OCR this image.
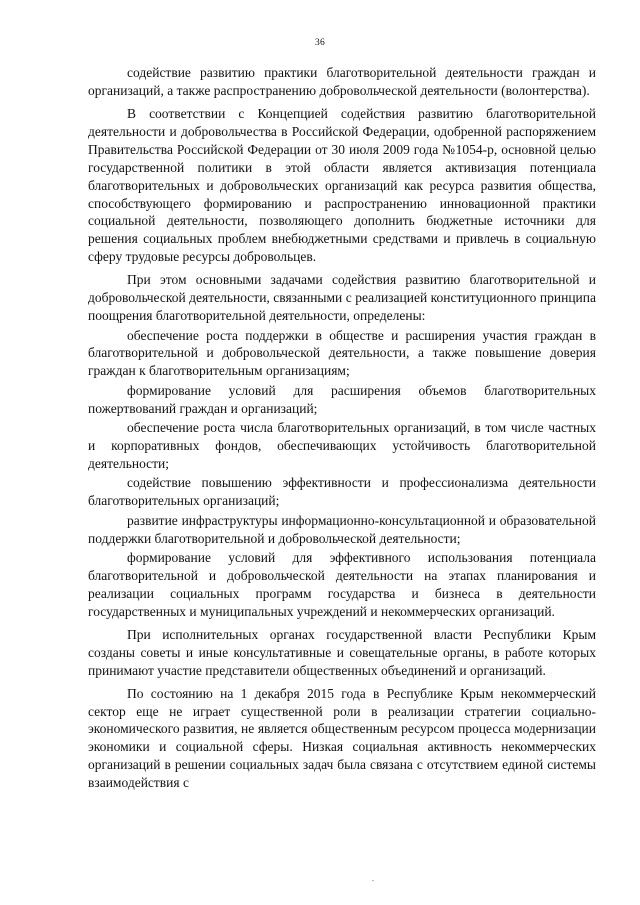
36

содействие развитию практики благотворительной деятельности граждан и организаций, а также распространению добровольческой деятельности (волонтерства).

В соответствии с Концепцией содействия развитию благотворительной деятельности и добровольчества в Российской Федерации, одобренной распоряжением Правительства Российской Федерации от 30 июля 2009 года №1054-р, основной целью государственной политики в этой области является активизация потенциала благотворительных и добровольческих организаций как ресурса развития общества, способствующего формированию и распространению инновационной практики социальной деятельности, позволяющего дополнить бюджетные источники для решения социальных проблем внебюджетными средствами и привлечь в социальную сферу трудовые ресурсы добровольцев.

При этом основными задачами содействия развитию благотворительной и добровольческой деятельности, связанными с реализацией конституционного принципа поощрения благотворительной деятельности, определены:

обеспечение роста поддержки в обществе и расширения участия граждан в благотворительной и добровольческой деятельности, а также повышение доверия граждан к благотворительным организациям;

формирование условий для расширения объемов благотворительных пожертвований граждан и организаций;

обеспечение роста числа благотворительных организаций, в том числе частных и корпоративных фондов, обеспечивающих устойчивость благотворительной деятельности;

содействие повышению эффективности и профессионализма деятельности благотворительных организаций;

развитие инфраструктуры информационно-консультационной и образовательной поддержки благотворительной и добровольческой деятельности;

формирование условий для эффективного использования потенциала благотворительной и добровольческой деятельности на этапах планирования и реализации социальных программ государства и бизнеса в деятельности государственных и муниципальных учреждений и некоммерческих организаций.

При исполнительных органах государственной власти Республики Крым созданы советы и иные консультативные и совещательные органы, в работе которых принимают участие представители общественных объединений и организаций.

По состоянию на 1 декабря 2015 года в Республике Крым некоммерческий сектор еще не играет существенной роли в реализации стратегии социально-экономического развития, не является общественным ресурсом процесса модернизации экономики и социальной сферы. Низкая социальная активность некоммерческих организаций в решении социальных задач была связана с отсутствием единой системы взаимодействия с
